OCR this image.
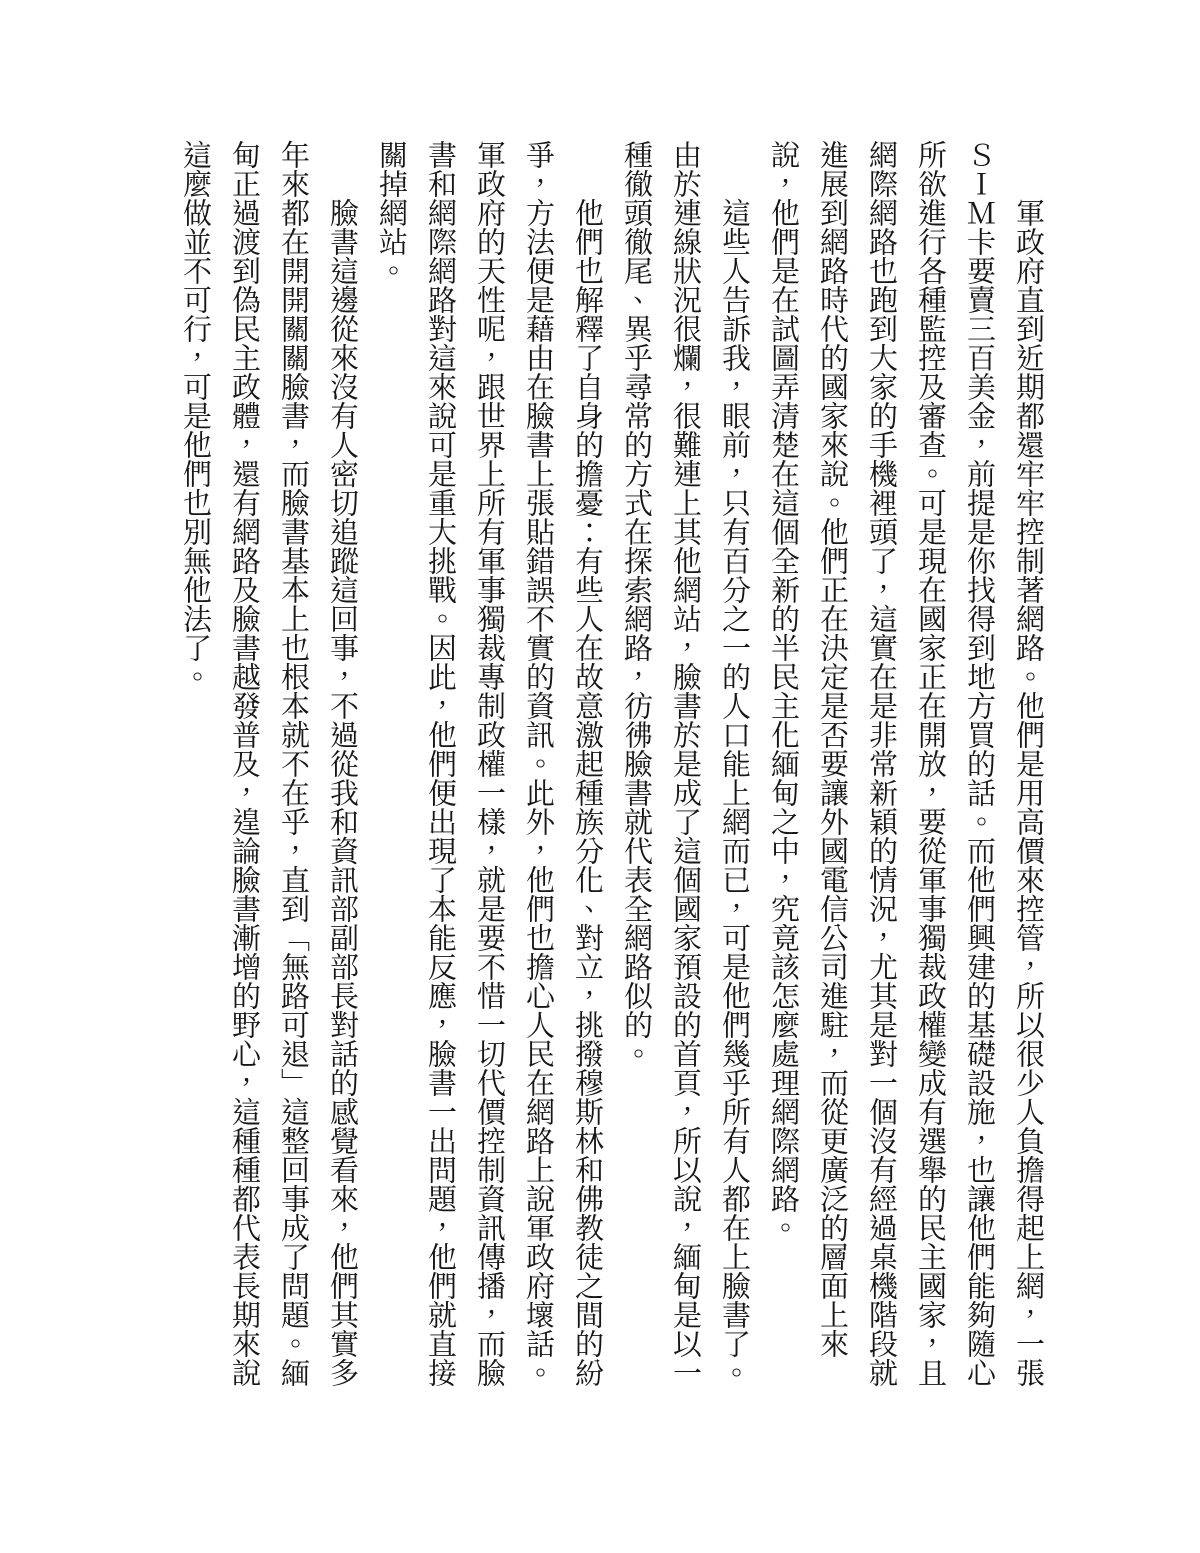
軍政府直到近期都還牢牢控制著網路。他們是用高價來控管，所以很少人負擔得起上網，一張ＳＩＭ卡要賣三百美金，前提是你找得到地方買的話。而他們興建的基礎設施，也讓他們能夠隨心所欲進行各種監控及審查。可是現在國家正在開放，要從軍事獨裁政權變成有選舉的民主國家，且網際網路也跑到大家的手機裡頭了，這實在是非常新穎的情況，尤其是對一個沒有經過桌機階段就進展到網路時代的國家來說。他們正在決定是否要讓外國電信公司進駐，而從更廣泛的層面上來說，他們是在試圖弄清楚在這個全新的半民主化緬甸之中，究竟該怎麼處理網際網路。

這些人告訴我，眼前，只有百分之一的人口能上網而已，可是他們幾乎所有人都在上臉書了。由於連線狀況很爛，很難連上其他網站，臉書於是成了這個國家預設的首頁，所以說，緬甸是以一種徹頭徹尾、異乎尋常的方式在探索網路，彷彿臉書就代表全網路似的。

他們也解釋了自身的擔憂：有些人在故意激起種族分化、對立，挑撥穆斯林和佛教徒之間的紛爭，方法便是藉由在臉書上張貼錯誤不實的資訊。此外，他們也擔心人民在網路上說軍政府壞話。軍政府的天性呢，跟世界上所有軍事獨裁專制政權一樣，就是要不惜一切代價控制資訊傳播，而臉書和網際網路對這來說可是重大挑戰。因此，他們便出現了本能反應，臉書一出問題，他們就直接關掉網站。

臉書這邊從來沒有人密切追蹤這回事，不過從我和資訊部副部長對話的感覺看來，他們其實多年來都在開開關關臉書，而臉書基本上也根本就不在乎，直到「無路可退」這整回事成了問題。緬甸正過渡到偽民主政體，還有網路及臉書越發普及，遑論臉書漸增的野心，這種種都代表長期來說這麼做並不可行，可是他們也別無他法了。
